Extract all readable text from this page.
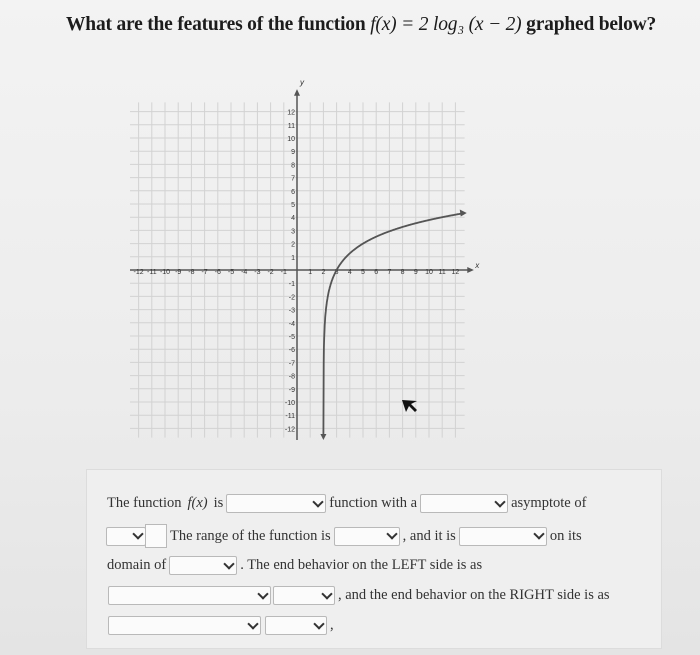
What are the features of the function f(x) = 2 log₃ (x − 2) graphed below?
x
y
-12 -11 -10 -9 -8 -7 -6 -5 -4 -3 -2 -1	1 2 3 4 5 6 7 8 9 10 11 12
12
11
10
9
8
7
6
5
4
3
2
1
-1
-2
-3
-4
-5
-6
-7
-8
-9
-10
-11
-12
The function f(x) is	function with a	asymptote of
The range of the function is	, and it is	on its
domain of	. The end behavior on the LEFT side is as
, and the end behavior on the RIGHT side is as
,
